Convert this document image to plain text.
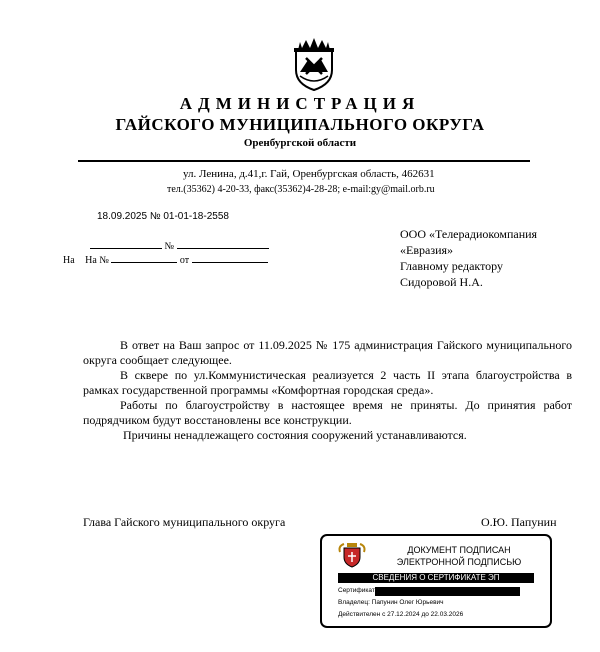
АДМИНИСТРАЦИЯ
ГАЙСКОГО МУНИЦИПАЛЬНОГО ОКРУГА
Оренбургской области
ул. Ленина, д.41,г. Гай, Оренбургская область, 462631
тел.(35362) 4-20-33, факс(35362)4-28-28; e-mail:gy@mail.orb.ru
18.09.2025 № 01-01-18-2558
№
На На №	от
ООО «Телерадиокомпания
«Евразия»
Главному редактору
Сидоровой Н.А.

В ответ на Ваш запрос от 11.09.2025 № 175 администрация Гайского муниципального округа сообщает следующее.

В сквере по ул.Коммунистическая реализуется 2 часть II этапа благоустройства в рамках государственной программы «Комфортная городская среда».

Работы по благоустройству в настоящее время не приняты. До принятия работ подрядчиком будут восстановлены все конструкции.

Причины ненадлежащего состояния сооружений устанавливаются.

Глава Гайского муниципального округа	О.Ю. Папунин
ДОКУМЕНТ ПОДПИСАН
ЭЛЕКТРОННОЙ ПОДПИСЬЮ
СВЕДЕНИЯ О СЕРТИФИКАТЕ ЭП
Сертификат
Владелец: Папунин Олег Юрьевич
Действителен с 27.12.2024 до 22.03.2026
